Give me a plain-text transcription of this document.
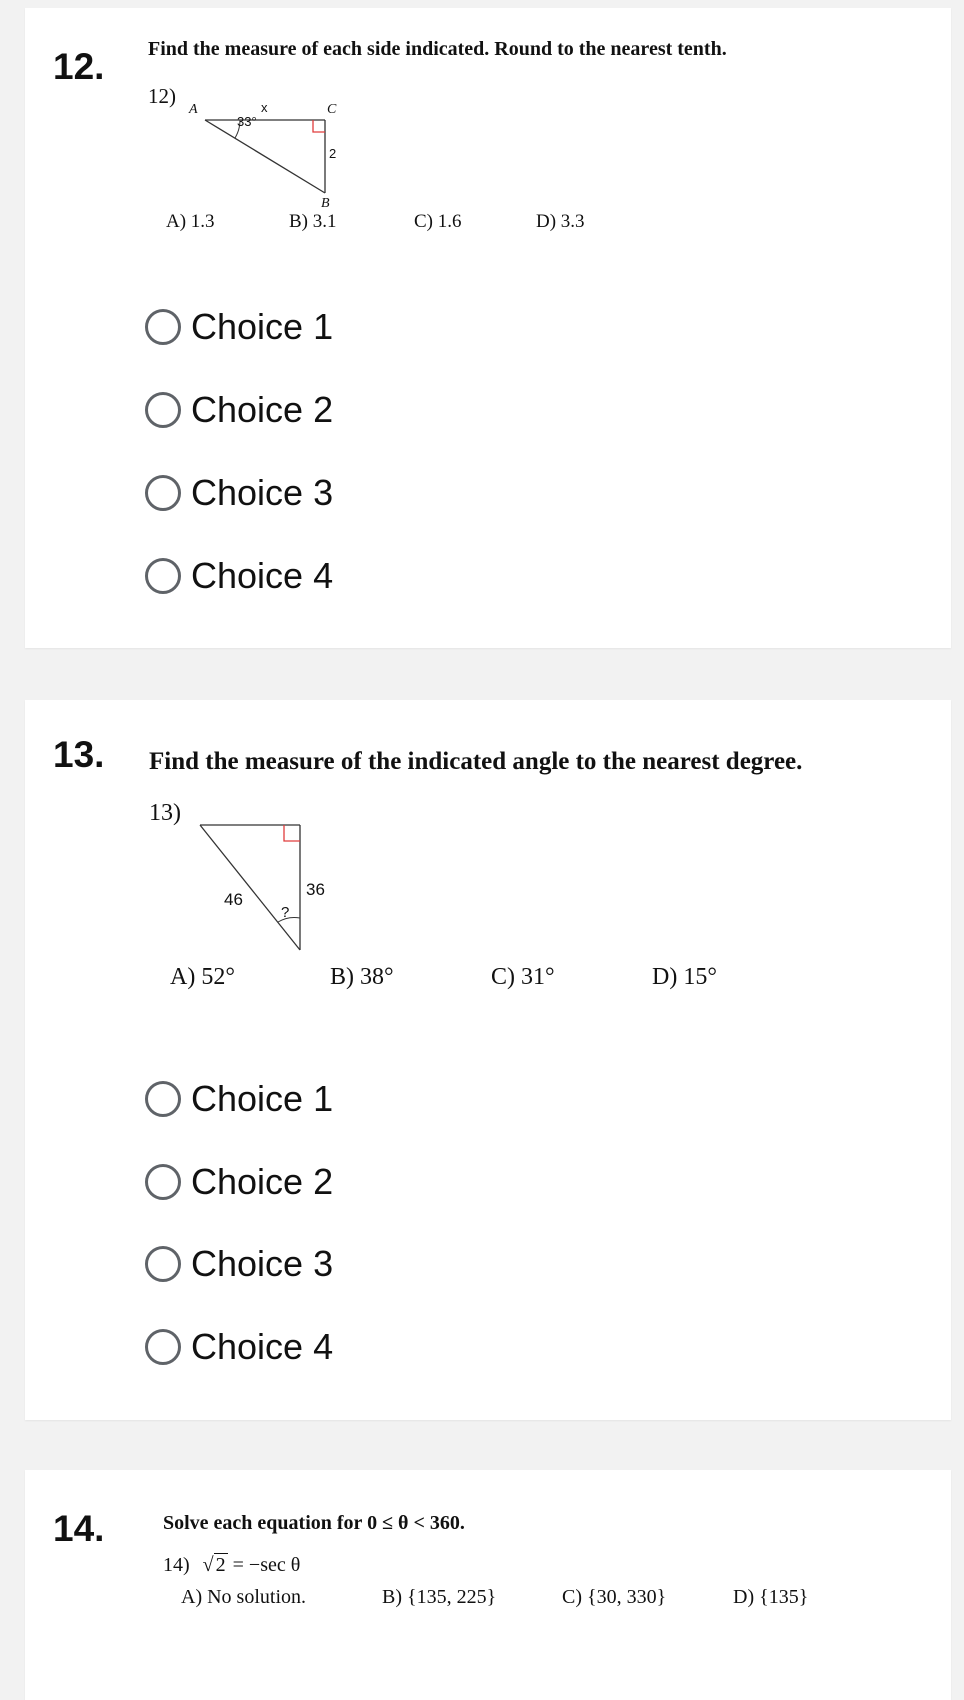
12. Find the measure of each side indicated. Round to the nearest tenth.
12)
A	C
B
33°
x
2
A) 1.3	B) 3.1	C) 1.6	D) 3.3
Choice 1
Choice 2
Choice 3
Choice 4
13. Find the measure of the indicated angle to the nearest degree.
13)
46
36
?
A) 52°	B) 38°	C) 31°	D) 15°
Choice 1
Choice 2
Choice 3
Choice 4
14.	Solve each equation for 0 ≤ θ < 360.
14) √ 2 = −sec θ
A) No solution.	B) {135, 225}	C) {30, 330}	D) {135}
